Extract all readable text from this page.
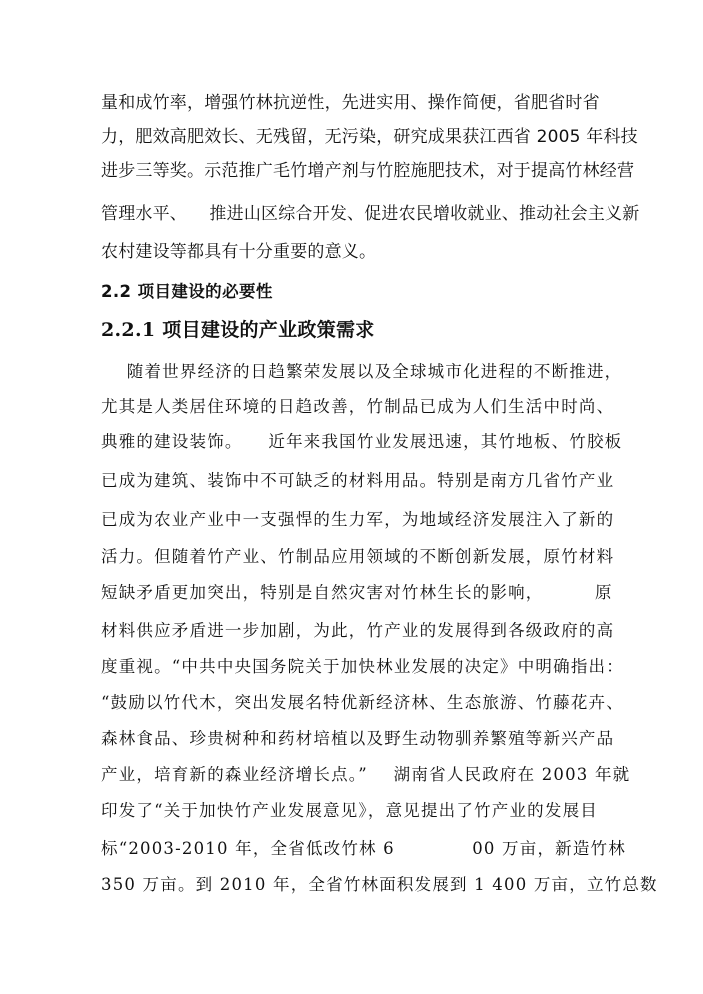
量和成竹率，增强竹林抗逆性，先进实用、操作简便，省肥省时省
力，肥效高肥效长、无残留，无污染，研究成果获江西省 2005 年科技
进步三等奖。示范推广毛竹增产剂与竹腔施肥技术，对于提高竹林经营
管理水平、    推进山区综合开发、促进农民增收就业、推动社会主义新
农村建设等都具有十分重要的意义。
2.2 项目建设的必要性
2.2.1 项目建设的产业政策需求
随着世界经济的日趋繁荣发展以及全球城市化进程的不断推进，
尤其是人类居住环境的日趋改善，竹制品已成为人们生活中时尚、
典雅的建设装饰。    近年来我国竹业发展迅速，其竹地板、竹胶板
已成为建筑、装饰中不可缺乏的材料用品。特别是南方几省竹产业
已成为农业产业中一支强悍的生力军，为地域经济发展注入了新的
活力。但随着竹产业、竹制品应用领域的不断创新发展，原竹材料
短缺矛盾更加突出，特别是自然灾害对竹林生长的影响，        原
材料供应矛盾进一步加剧，为此，竹产业的发展得到各级政府的高
度重视。“中共中央国务院关于加快林业发展的决定》中明确指出：
“鼓励以竹代木，突出发展名特优新经济林、生态旅游、竹藤花卉、
森林食品、珍贵树种和药材培植以及野生动物驯养繁殖等新兴产品
产业，培育新的森业经济增长点。”    湖南省人民政府在 2003 年就
印发了“关于加快竹产业发展意见》，意见提出了竹产业的发展目
标“2003-2010 年，全省低改竹林 6            00 万亩，新造竹林
350 万亩。到 2010 年，全省竹林面积发展到 1 400 万亩，立竹总数
